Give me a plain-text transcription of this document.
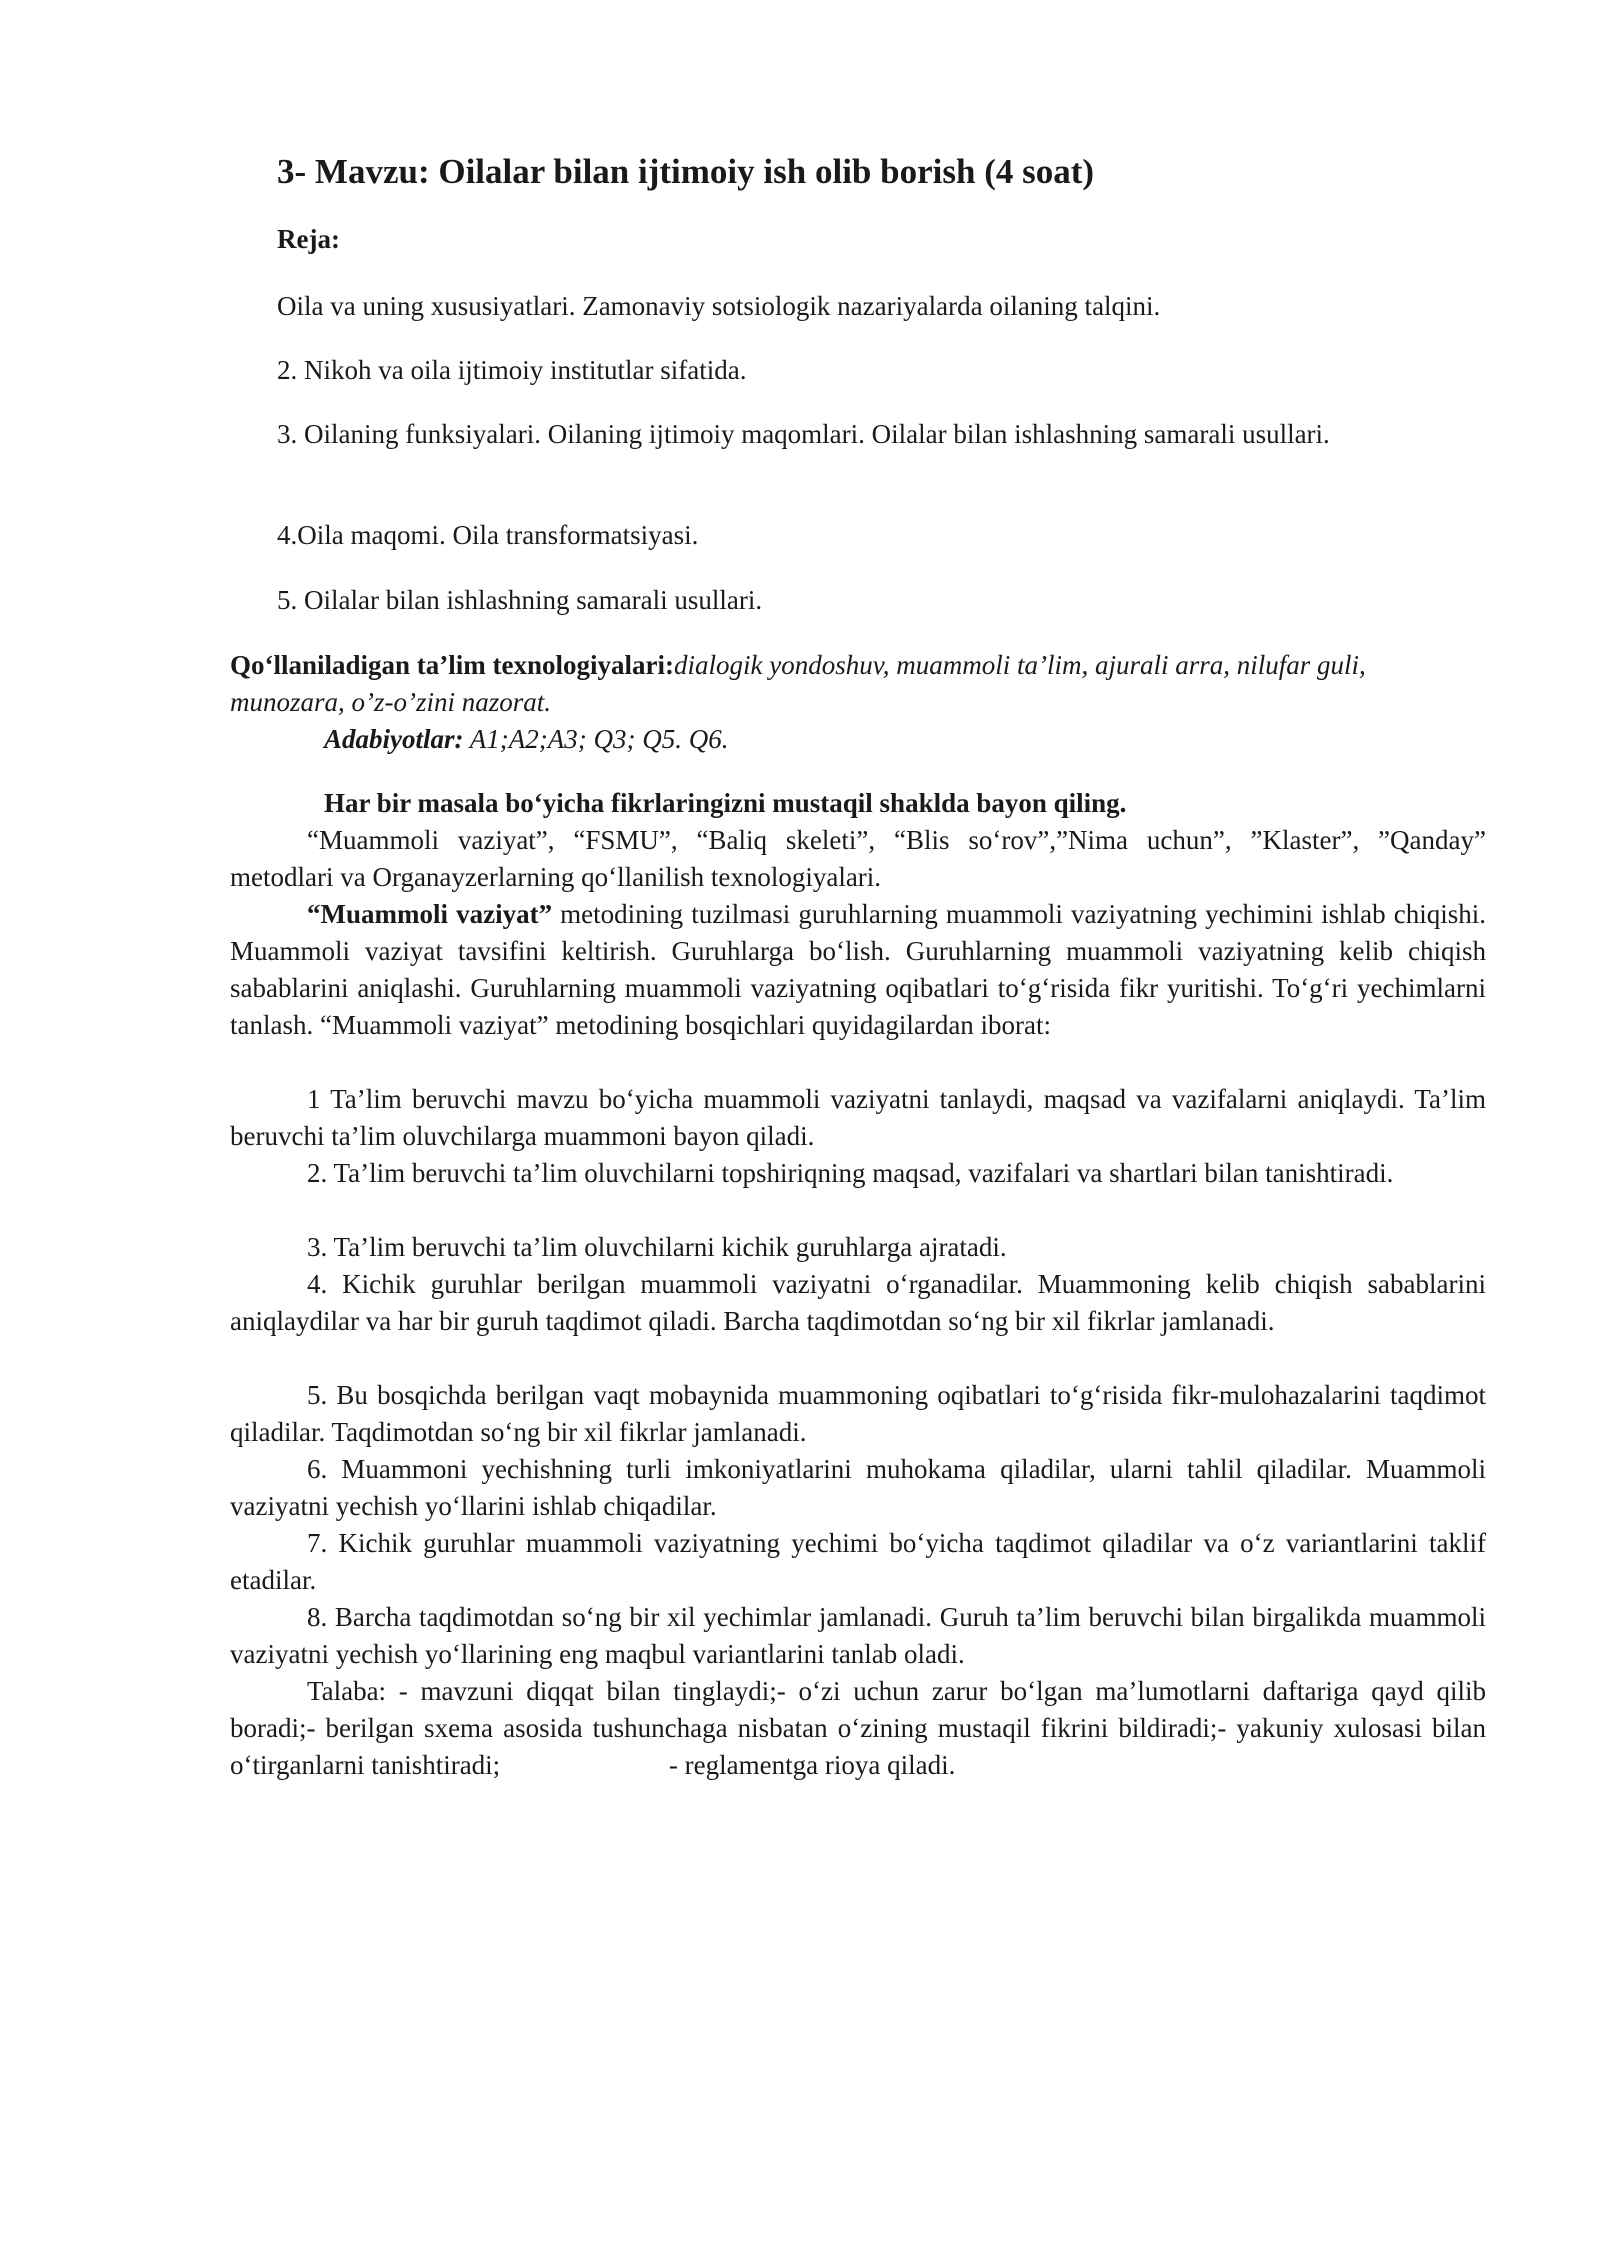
3- Mavzu: Oilalar bilan ijtimoiy ish olib borish (4 soat)
Reja:
Oila va uning xususiyatlari. Zamonaviy sotsiologik nazariyalarda oilaning talqini.
2. Nikoh va oila ijtimoiy institutlar sifatida.
3. Oilaning funksiyalari. Oilaning ijtimoiy maqomlari. Oilalar bilan ishlashning samarali usullari.
4.Oila maqomi. Oila transformatsiyasi.
5. Oilalar bilan ishlashning samarali usullari.
Qo‘llaniladigan ta’lim texnologiyalari:dialogik yondoshuv, muammoli ta’lim, ajurali arra, nilufar guli, munozara, o’z-o’zini nazorat.
Adabiyotlar: A1;A2;A3; Q3; Q5. Q6.
Har bir masala bo‘yicha fikrlaringizni mustaqil shaklda bayon qiling.
“Muammoli vaziyat”, “FSMU”, “Baliq skeleti”, “Blis so‘rov”,”Nima uchun”, ”Klaster”, ”Qanday” metodlari va Organayzerlarning qo‘llanilish texnologiyalari.
“Muammoli vaziyat” metodining tuzilmasi guruhlarning muammoli vaziyatning yechimini ishlab chiqishi. Muammoli vaziyat tavsifini keltirish. Guruhlarga bo‘lish. Guruhlarning muammoli vaziyatning kelib chiqish sabablarini aniqlashi. Guruhlarning muammoli vaziyatning oqibatlari to‘g‘risida fikr yuritishi. To‘g‘ri yechimlarni tanlash. “Muammoli vaziyat” metodining bosqichlari quyidagilardan iborat:
1 Ta’lim beruvchi mavzu bo‘yicha muammoli vaziyatni tanlaydi, maqsad va vazifalarni aniqlaydi. Ta’lim beruvchi ta’lim oluvchilarga muammoni bayon qiladi.
2. Ta’lim beruvchi ta’lim oluvchilarni topshiriqning maqsad, vazifalari va shartlari bilan tanishtiradi.
3. Ta’lim beruvchi ta’lim oluvchilarni kichik guruhlarga ajratadi.
4. Kichik guruhlar berilgan muammoli vaziyatni o‘rganadilar. Muammoning kelib chiqish sabablarini aniqlaydilar va har bir guruh taqdimot qiladi. Barcha taqdimotdan so‘ng bir xil fikrlar jamlanadi.
5. Bu bosqichda berilgan vaqt mobaynida muammoning oqibatlari to‘g‘risida fikr-mulohazalarini taqdimot qiladilar. Taqdimotdan so‘ng bir xil fikrlar jamlanadi.
6. Muammoni yechishning turli imkoniyatlarini muhokama qiladilar, ularni tahlil qiladilar. Muammoli vaziyatni yechish yo‘llarini ishlab chiqadilar.
7. Kichik guruhlar muammoli vaziyatning yechimi bo‘yicha taqdimot qiladilar va o‘z variantlarini taklif etadilar.
8. Barcha taqdimotdan so‘ng bir xil yechimlar jamlanadi. Guruh ta’lim beruvchi bilan birgalikda muammoli vaziyatni yechish yo‘llarining eng maqbul variantlarini tanlab oladi.
Talaba: - mavzuni diqqat bilan tinglaydi;- o‘zi uchun zarur bo‘lgan ma’lumotlarni daftariga qayd qilib boradi;- berilgan sxema asosida tushunchaga nisbatan o‘zining mustaqil fikrini bildiradi;- yakuniy xulosasi bilan o‘tirganlarni tanishtiradi;                         - reglamentga rioya qiladi.
